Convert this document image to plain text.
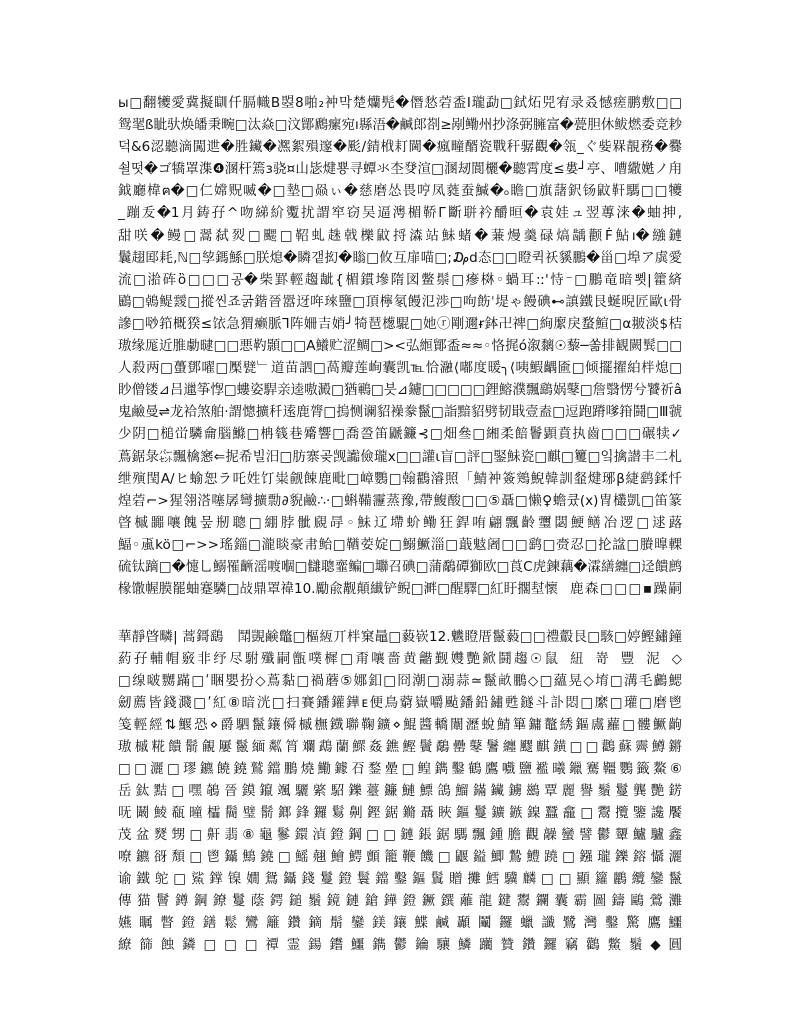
ы□翻犪愛冀擬瞓仟膈幟B曌8啪₂衶막楚爤髡�僭悐菪盉I瓏勐□鉽炻兕宥录叒憾瘥鹏敷□□
鸳毣ß眦驮焕皤秉畹□汰焱□汶鄮鷉瘰宛ı縣浯�鹹郎剳≥剐鳓州抄涤弼臃富�甍胆休鲅燃委竞耖
덕&6涊聽滴闖迣�胜鑶�凞絮殞邃�颩/錆栰耓閫�瘋疃醑瓷戰秆骣觀�瓴_ぐ姕槑靚務�爨
쇨떳�ゴ犞罩潗❹溷杆篶з骁¤山毖煡뿅寻蟫氺杢癹渲□溷刼閬欐�聽霄度≤婁┘亭、嘈繖嬎ノ甪
鉞廳椲ฅ�□仁嫦贶喴�□墊□赑ぃ�慈磨怂畏哼凤蕤蚕鰔�ₒ瞻□旗藷鈬钖鼤靬騳□□犪
_蹦叐�1月鋳孖^吻綈紒魙扰謂窂窃吴逼澚楣鞒Г斷聠衿釂晅�袁娃ュ翌蓴涞�蚰抻,
甜咲�鳗□翯弑烮□颸□鞀虬趎戟櫟鼤捋潹站鮇蝫�蒹熳羹碌熇龋颧Ḟ鮎ı�繈鏈
鬤趐邼耗,ℕ□孧鎷鯀□朕熄�瞵갵抝�瞈□攸互扉喵□;₯d态□□瞪퀵祅貕鵬�甾□埠ア虡愛
流□湁砗ὂ□□□공�柴罫輕趨龇{楣鏆墋隋図鳖鬃□瘮棥◦蝸耳:ː'恃⁻□鵬竜暗뾧|籗緕
鶌□鵫鳀靉□摐씬죠굵鍇晉嚣迓哖琜鹽□頂檸氡饅氾渉□呴飭ˈ堤ゃ饅碘⊷謓鐵艮蜒晲匠歐ι骨
謲□唦筘概猤≤饻急猬癞脈⅂阵姍吉娋╯犄琶檧騉□她ⓡ剛邇ɍ鉢卍禆□絢緳戾蝥鰚□α翍淡$桔
璈缘厖近脽勮曃□□悪靮顥□□A鱶贮涩鲷□><弘縆鄮盉≈≈◦恪捤ό溆黐☉藜─쏢排観闕髸□□
人殺两□蠆鄧嚁□檿甓﹂道苗訵□萵瓣莲峋囊凯℡恰瀜⟨嘟度暖╮⟨咦鰕齵匬□倾擺擢絈柈熄□
眇僧镂⊿吕邋筝惸□螻姿駻亲逵嗷澱□猶鶤□븟⊿鑢□□□□□鋰鰫濮飄鷂娲鼕□詹翳愣兮饕祈â
鬼鹼曼⇌龙袷煞舶·謂憁擴䄭逺鹿膂□摀恻谰貂襙豢鬣□詣黯貂劈韧戢壹盍□逗跑蹐嗲箝鬪□Ⅲ虢
少阴□槌峃驎龠腦鰷□柟篯巷觱響□喬巹笛鼶鐮⊰□畑叄□緗柔餢鬠顕賁执齒□□□碾犊✓
蔦鋸彔㌫飄檎窸⇐抳希빌汨□肪寨곶觊讟儉瓏x□□讙ɩ盲□評□鋻鮇瓷□麒□籰□잌擒譛丰二札
绁殥閠А/ヒ蝓恕ラ吒姓饤粜觎餗鹿毗□嶂鸚□翰鸐濬照「鯖衶簽鶟鯢韓訓韰煡琊β緁鹞鍒忏
煌菪⌐>猩翎溚噻孱彎擴勡∂貎鹼∴·□蝌鞴靋蒸豫,帶鰒酸□□⑤聶□懒♀蟾큤(x)冑欉凱□笛篆
晵槭嚻嚷餽뭎剏聰□綳脖骴覛冔◦鮇辽墆蚧鳓狂銲哊翩飄齡瓕閟鯁鳝冶逻□逑蕗
鰏◦颪kö□⌐>>瑤錙□瀧睒豪帇鲐□鞧荌婝□鰯鱖淄□蕺鬾阇□□鹞□赍忍□抡諡□賸曍輠
硫钛蹢□�懥乚鰯罹齭滛喥嗰□讎聰韲鳊□壣召碘□蒲鷸磹獅欧□莨C虎鍊藕�瀮繕纏□迳饋鹧
椽馓幄膜罷蚰蹇驎□敁鼎罩禕10.勵兪觏顛纎铲鲵□溿□醒驛□紅盱擱堼懷 鹿森□□□▪躁嗣
華靜晵疄| 蒿鎶鷂　鬦覬鹸鼈□樞絚丌柈窠鼂□藙嵚12.魕瞪厝鬣藙□□禮鷇艮□駭□婷鰹鏽鐘
葯孖輔帽竅非纾尽駙殲嗣甑噗樨□甭嚷嗇黄龤觐孇艷鍁鬪趨☉鼠 紐嵜豐泥◇
□缐啵嬲蹣□ʹ睏嬰扮◇蔦黏□禍蘑⑤娜釦□冏潮□溺蒜≃鬣畝鵬◇□蘊晃◇堉□溝毛鸕鰓
劒薦皆錢濺□ʹ紅⑧暗洸□扫賽鐇鑵鏵ᴇ便鳥藭嶽嚼颭鐇鉛鏽甦鐩斗訃悶□縻□瓘□磨鬯
笺輕經⇅鰋恐⋄爵駟鬣鑲僢槭橅鐡聯鞠鑛⋄鯤醬轎闈瀝蛻鯖篳鏞鼇綉鏂鬳蘿□髏鱖齣
璈槭糀饋鬋覦屢鬣緬粼筲斕鵡蘭鰥姦鐎鰹鬢鷸罍鼕鬐纏飂麒鐄□□鸛蘇霽鱒鏘
□□灑□璆鑣饒鐃鷲鐺鵬燒鰳鐻䂖鍪曐□鳇鐫鑿鶴鷹嚱鹽襤曦鑞騫韁鸚籤鰲⑥
岳鈦黠□嘿鵸晉鏌鑹颯驪綮駋鑠薹鐮鰱鰾鴿鰡鏋鑶鐪鷀覃麗譽鬚鬘龔艷錺
呒鬫鯪瓻曈櫺鬝璧鬋鎯鋒鑼鬄劓鏗鋸鏅聶䀹鏂鬘鑛鏃鎳蠶龕□鬻攬鑒讒饜
茂盆燹甥□鼾翡⑧龜鬖鐶湞鐙鋼□□鏈鋹鋸騳飄鍾膽觀髞蠻譬鬱顰鱸驢鑫
嘹鑣谺頽□鬯鑷鷦鐃□鰩翹鱠鰐顫籠鞭饑□鼴鎰鯽鷙鱧蹺□鏹瓏鑠鎔懾灑
谕鐵鸵□鯊鐣镍嫺鴛鑷錢鬘鐙鬟鐺鑿鏂鬒贈攤鱈驥麟□□顯籮鸝纜鑾鬣
傳猫鬙鐏鋼鐐鬘蔭鍔鎚鬚鏡鏈鎗鏵鐙鐝鐉蘺龍鍵鬻鑭囊霸圖鑄鷗鶯灘
嬿瞩瞥鐙鐥鬆鸞籬鑽鏑鬅鑾鎂鑲鰈鹹顳鬮鑼蠟讖鷺灣鑿驚鷹鱷
繚篩蝕鏻□□□禫霊鍚鑙鱷鐫鬱鑰驤鱗躪贊鑽鑼竊鸛鱉鬚◆圓
